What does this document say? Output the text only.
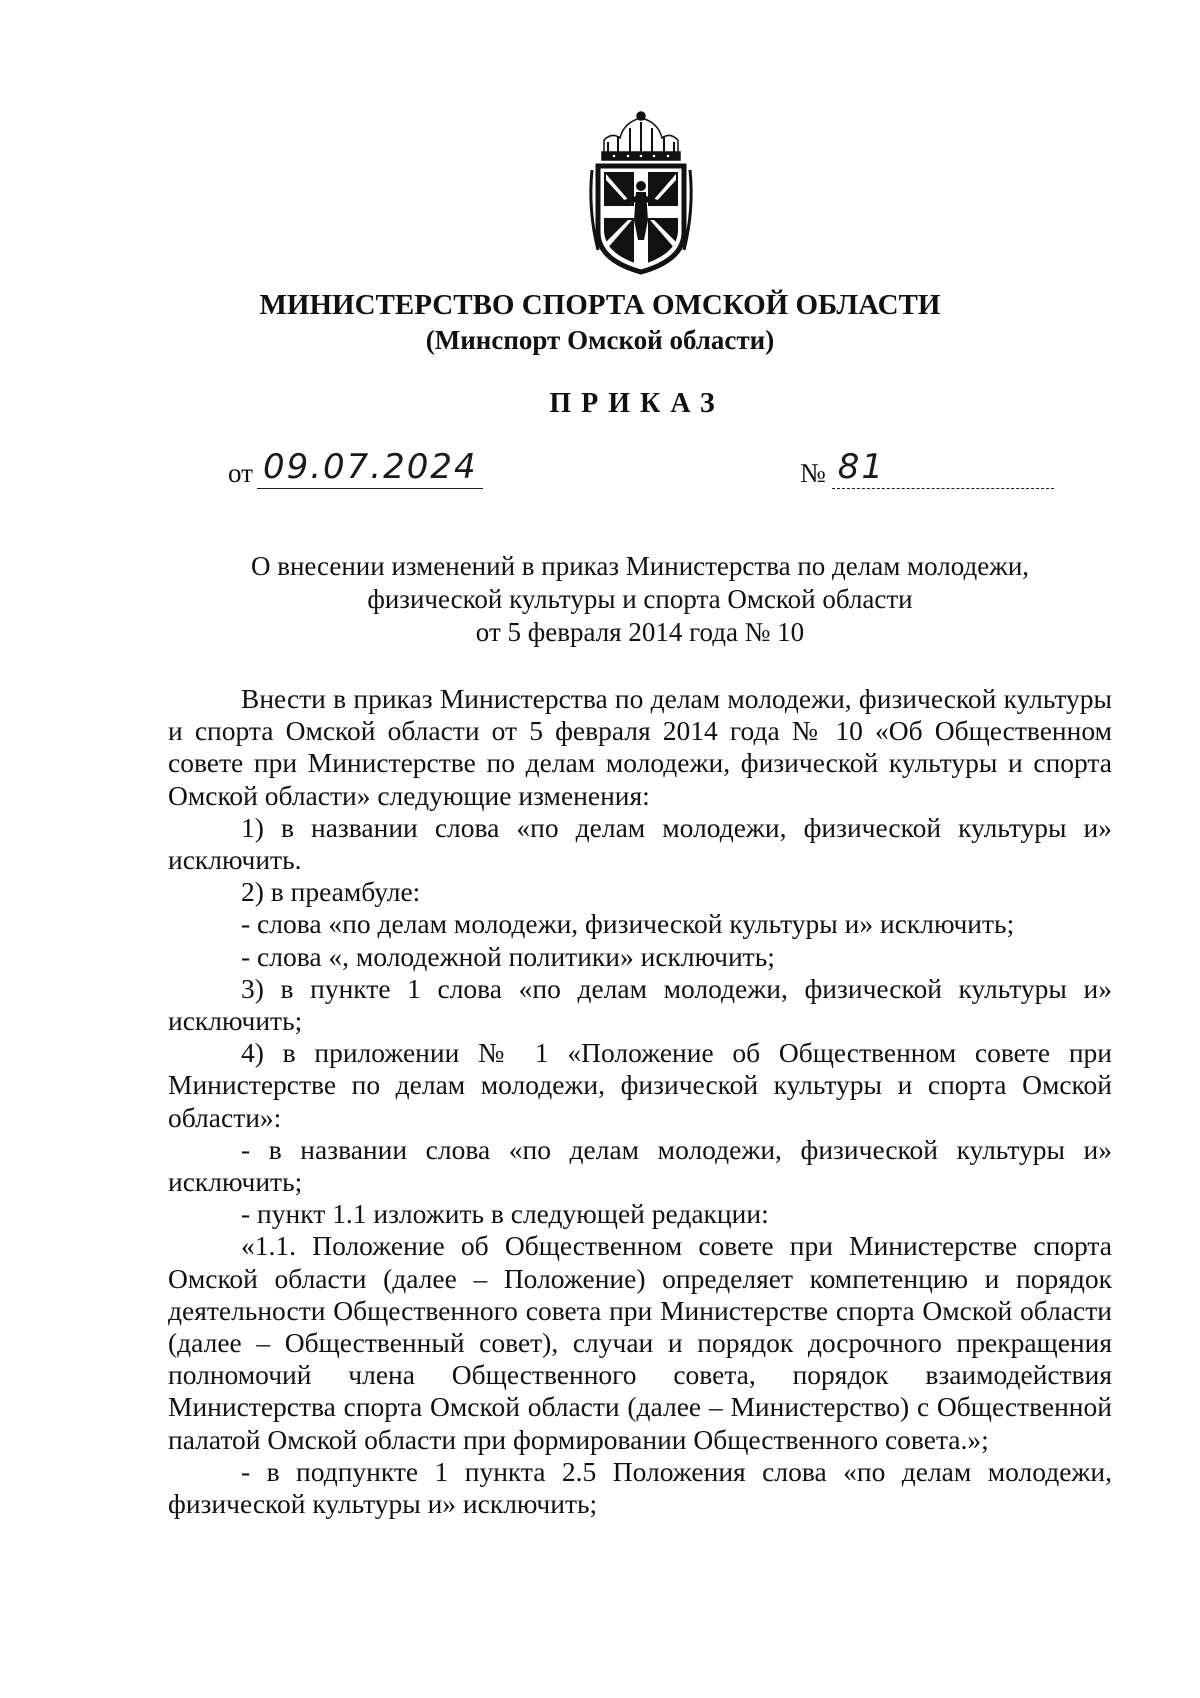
МИНИСТЕРСТВО СПОРТА ОМСКОЙ ОБЛАСТИ
(Минспорт Омской области)
ПРИКАЗ
от 09.07.2024	№ 81
О внесении изменений в приказ Министерства по делам молодежи,
физической культуры и спорта Омской области
от 5 февраля 2014 года № 10

Внести в приказ Министерства по делам молодежи, физической культуры и спорта Омской области от 5 февраля 2014 года № 10 «Об Общественном совете при Министерстве по делам молодежи, физической культуры и спорта Омской области» следующие изменения:

1) в названии слова «по делам молодежи, физической культуры и» исключить.

2) в преамбуле:

- слова «по делам молодежи, физической культуры и» исключить;

- слова «, молодежной политики» исключить;

3) в пункте 1 слова «по делам молодежи, физической культуры и» исключить;

4) в приложении № 1 «Положение об Общественном совете при Министерстве по делам молодежи, физической культуры и спорта Омской области»:

- в названии слова «по делам молодежи, физической культуры и» исключить;

- пункт 1.1 изложить в следующей редакции:

«1.1. Положение об Общественном совете при Министерстве спорта Омской области (далее – Положение) определяет компетенцию и порядок деятельности Общественного совета при Министерстве спорта Омской области (далее – Общественный совет), случаи и порядок досрочного прекращения полномочий члена Общественного совета, порядок взаимодействия Министерства спорта Омской области (далее – Министерство) с Общественной палатой Омской области при формировании Общественного совета.»;

- в подпункте 1 пункта 2.5 Положения слова «по делам молодежи, физической культуры и» исключить;
